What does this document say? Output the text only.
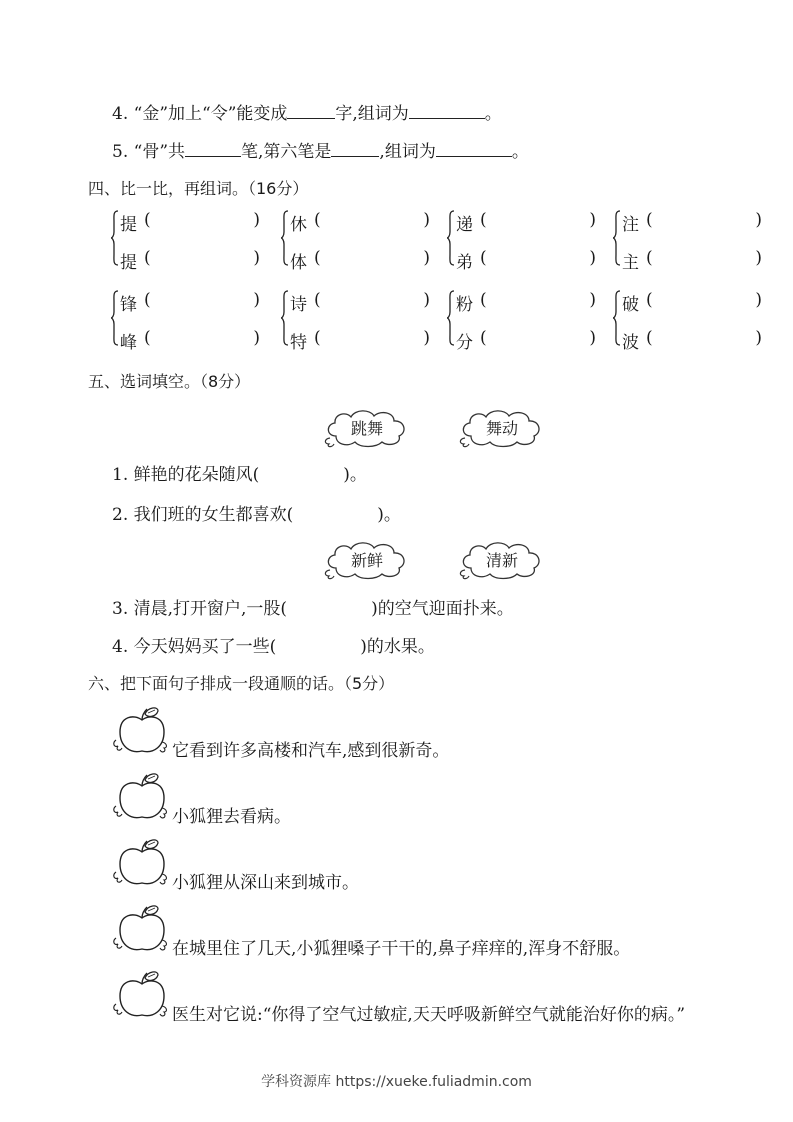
4. “金”加上“令”能变成	字,组词为	。
5. “骨”共	笔,第六笔是	,组词为	。
四、比一比，再组词。（16分）
提 (	)
提 (	)
休 (	)
体 (	)
递 (	)
弟 (	)
注 (	)
主 (	)
锋 (	)
峰 (	)
诗 (	)
特 (	)
粉 (	)
分 (	)
破 (	)
波 (	)
五、选词填空。（8分）
跳舞	舞动
1. 鲜艳的花朵随风(	)。
2. 我们班的女生都喜欢(	)。
新鲜	清新
3. 清晨,打开窗户,一股(	)的空气迎面扑来。
4. 今天妈妈买了一些(	)的水果。
六、把下面句子排成一段通顺的话。（5分）
它看到许多高楼和汽车,感到很新奇。
小狐狸去看病。
小狐狸从深山来到城市。
在城里住了几天,小狐狸嗓子干干的,鼻子痒痒的,浑身不舒服。
医生对它说:“你得了空气过敏症,天天呼吸新鲜空气就能治好你的病。”
学科资源库 https://xueke.fuliadmin.com
